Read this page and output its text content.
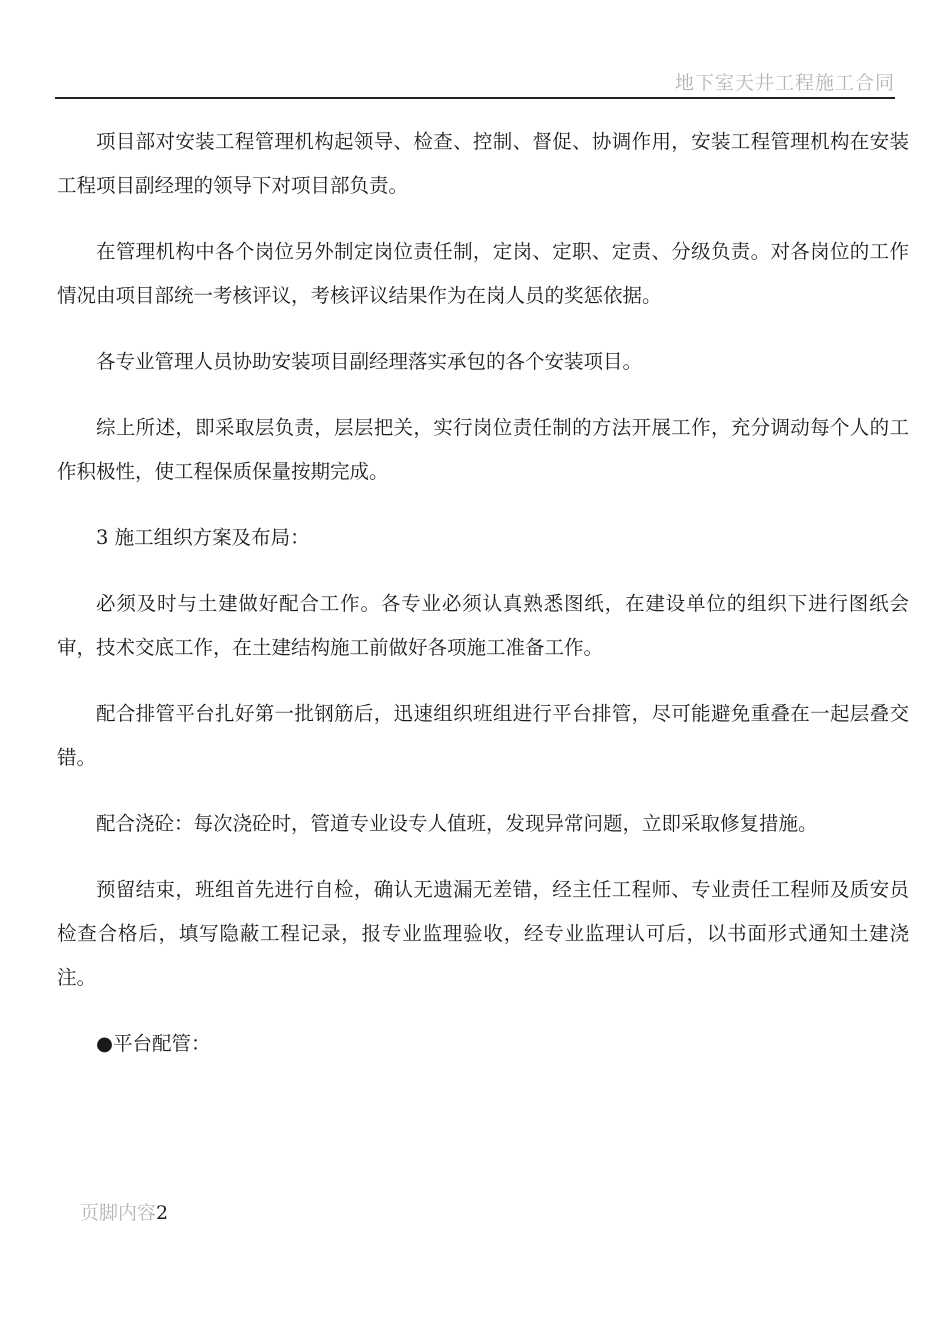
地下室天井工程施工合同

项目部对安装工程管理机构起领导、检查、控制、督促、协调作用，安装工程管理机构在安装工程项目副经理的领导下对项目部负责。

在管理机构中各个岗位另外制定岗位责任制，定岗、定职、定责、分级负责。对各岗位的工作情况由项目部统一考核评议，考核评议结果作为在岗人员的奖惩依据。

各专业管理人员协助安装项目副经理落实承包的各个安装项目。

综上所述，即采取层负责，层层把关，实行岗位责任制的方法开展工作，充分调动每个人的工作积极性，使工程保质保量按期完成。

3 施工组织方案及布局：

必须及时与土建做好配合工作。各专业必须认真熟悉图纸，在建设单位的组织下进行图纸会审，技术交底工作，在土建结构施工前做好各项施工准备工作。

配合排管平台扎好第一批钢筋后，迅速组织班组进行平台排管，尽可能避免重叠在一起层叠交错。

配合浇砼：每次浇砼时，管道专业设专人值班，发现异常问题，立即采取修复措施。

预留结束，班组首先进行自检，确认无遗漏无差错，经主任工程师、专业责任工程师及质安员检查合格后，填写隐蔽工程记录，报专业监理验收，经专业监理认可后，以书面形式通知土建浇注。

●平台配管：

页脚内容2
